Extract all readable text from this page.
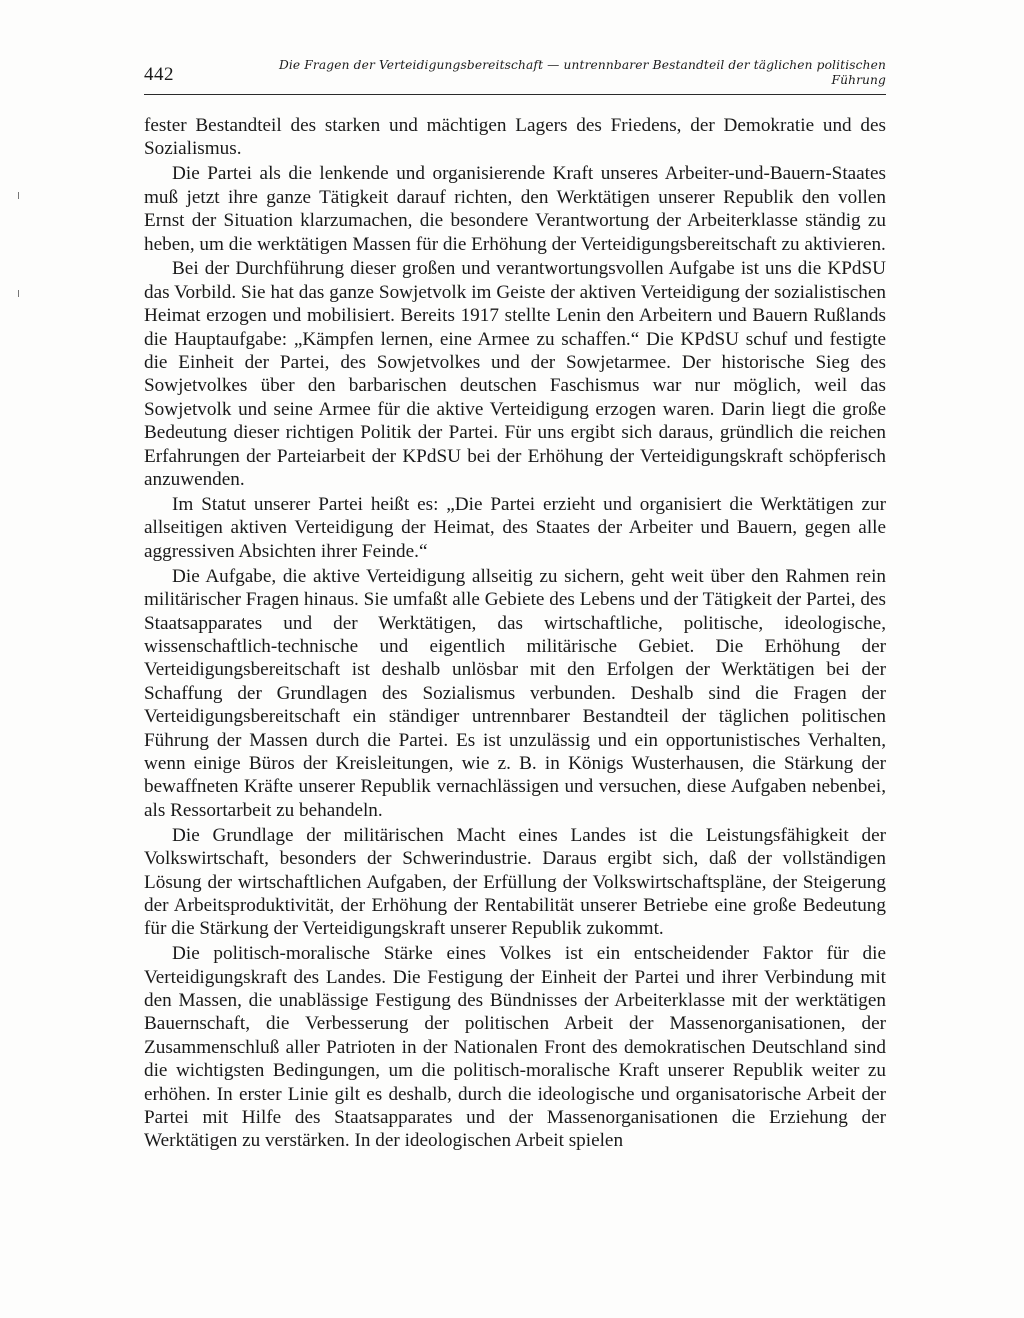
442	Die Fragen der Verteidigungsbereitschaft — untrennbarer Bestandteil der täglichen politischen
Führung

fester Bestandteil des starken und mächtigen Lagers des Friedens, der Demokratie und des Sozialismus.

Die Partei als die lenkende und organisierende Kraft unseres Arbeiter-und-Bauern-Staates muß jetzt ihre ganze Tätigkeit darauf richten, den Werktätigen unserer Republik den vollen Ernst der Situation klarzumachen, die besondere Verantwortung der Arbeiterklasse ständig zu heben, um die werktätigen Massen für die Erhöhung der Verteidigungsbereitschaft zu aktivieren.

Bei der Durchführung dieser großen und verantwortungsvollen Aufgabe ist uns die KPdSU das Vorbild. Sie hat das ganze Sowjetvolk im Geiste der aktiven Verteidigung der sozialistischen Heimat erzogen und mobilisiert. Bereits 1917 stellte Lenin den Arbeitern und Bauern Rußlands die Hauptaufgabe: „Kämpfen lernen, eine Armee zu schaffen.“ Die KPdSU schuf und festigte die Einheit der Partei, des Sowjetvolkes und der Sowjetarmee. Der historische Sieg des Sowjetvolkes über den barbarischen deutschen Faschismus war nur möglich, weil das Sowjetvolk und seine Armee für die aktive Verteidigung erzogen waren. Darin liegt die große Bedeutung dieser richtigen Politik der Partei. Für uns ergibt sich daraus, gründlich die reichen Erfahrungen der Parteiarbeit der KPdSU bei der Erhöhung der Verteidigungskraft schöpferisch anzuwenden.

Im Statut unserer Partei heißt es: „Die Partei erzieht und organisiert die Werktätigen zur allseitigen aktiven Verteidigung der Heimat, des Staates der Arbeiter und Bauern, gegen alle aggressiven Absichten ihrer Feinde.“

Die Aufgabe, die aktive Verteidigung allseitig zu sichern, geht weit über den Rahmen rein militärischer Fragen hinaus. Sie umfaßt alle Gebiete des Lebens und der Tätigkeit der Partei, des Staatsapparates und der Werktätigen, das wirtschaftliche, politische, ideologische, wissenschaftlich-technische und eigentlich militärische Gebiet. Die Erhöhung der Verteidigungsbereitschaft ist deshalb unlösbar mit den Erfolgen der Werktätigen bei der Schaffung der Grundlagen des Sozialismus verbunden. Deshalb sind die Fragen der Verteidigungsbereitschaft ein ständiger untrennbarer Bestandteil der täglichen politischen Führung der Massen durch die Partei. Es ist unzulässig und ein opportunistisches Verhalten, wenn einige Büros der Kreisleitungen, wie z. B. in Königs Wusterhausen, die Stärkung der bewaffneten Kräfte unserer Republik vernachlässigen und versuchen, diese Aufgaben nebenbei, als Ressortarbeit zu behandeln.

Die Grundlage der militärischen Macht eines Landes ist die Leistungsfähigkeit der Volkswirtschaft, besonders der Schwerindustrie. Daraus ergibt sich, daß der vollständigen Lösung der wirtschaftlichen Aufgaben, der Erfüllung der Volkswirtschaftspläne, der Steigerung der Arbeitsproduktivität, der Erhöhung der Rentabilität unserer Betriebe eine große Bedeutung für die Stärkung der Verteidigungskraft unserer Republik zukommt.

Die politisch-moralische Stärke eines Volkes ist ein entscheidender Faktor für die Verteidigungskraft des Landes. Die Festigung der Einheit der Partei und ihrer Verbindung mit den Massen, die unablässige Festigung des Bündnisses der Arbeiterklasse mit der werktätigen Bauernschaft, die Verbesserung der politischen Arbeit der Massenorganisationen, der Zusammenschluß aller Patrioten in der Nationalen Front des demokratischen Deutschland sind die wichtigsten Bedingungen, um die politisch-moralische Kraft unserer Republik weiter zu erhöhen. In erster Linie gilt es deshalb, durch die ideologische und organisatorische Arbeit der Partei mit Hilfe des Staatsapparates und der Massenorganisationen die Erziehung der Werktätigen zu verstärken. In der ideologischen Arbeit spielen
